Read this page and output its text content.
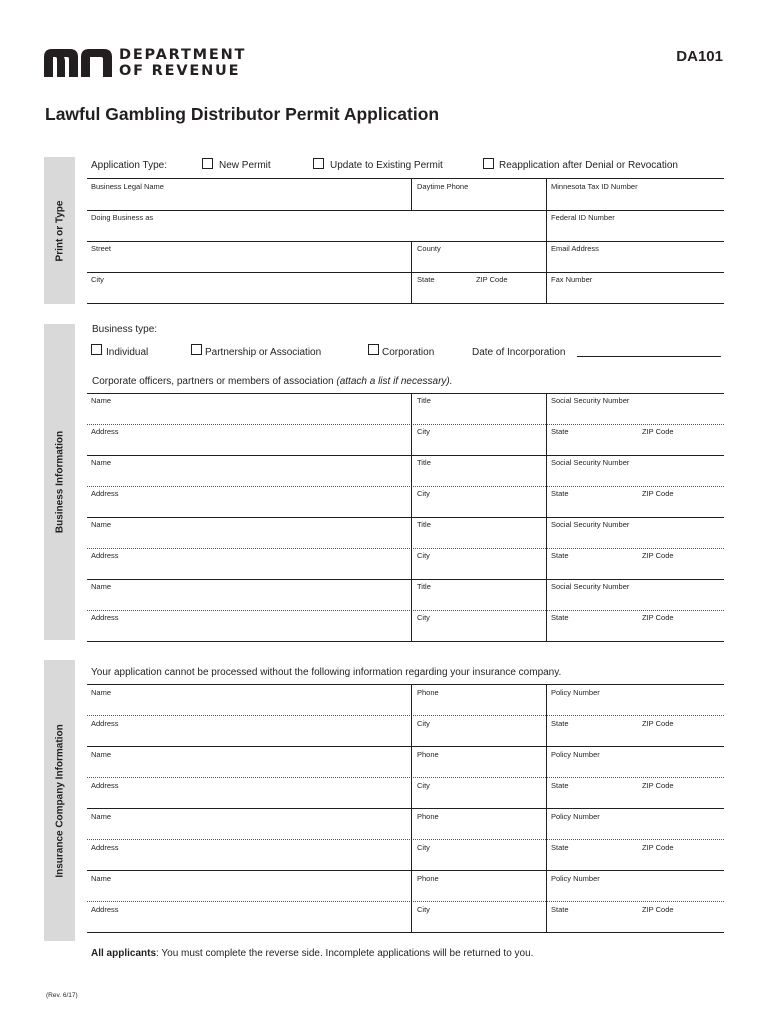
DEPARTMENT
OF REVENUE
DA101
Lawful Gambling Distributor Permit Application
Print or Type
Business Information
Insurance Company Information
Application Type:	New Permit	Update to Existing Permit	Reapplication after Denial or Revocation
Business Legal Name	Daytime Phone	Minnesota Tax ID Number
Doing Business as	Federal ID Number
Street	County	Email Address
City	State	ZIP Code	Fax Number
Business type:
Individual	Partnership or Association	Corporation	Date of Incorporation
Corporate officers, partners or members of association (attach a list if necessary).
Name	Title	Social Security Number
Address	City	State	ZIP Code
Name	Title	Social Security Number
Address	City	State	ZIP Code
Name	Title	Social Security Number
Address	City	State	ZIP Code
Name	Title	Social Security Number
Address	City	State	ZIP Code
Your application cannot be processed without the following information regarding your insurance company.
Name	Phone	Policy Number
Address	City	State	ZIP Code
Name	Phone	Policy Number
Address	City	State	ZIP Code
Name	Phone	Policy Number
Address	City	State	ZIP Code
Name	Phone	Policy Number
Address	City	State	ZIP Code
All applicants: You must complete the reverse side. Incomplete applications will be returned to you.
(Rev. 6/17)
